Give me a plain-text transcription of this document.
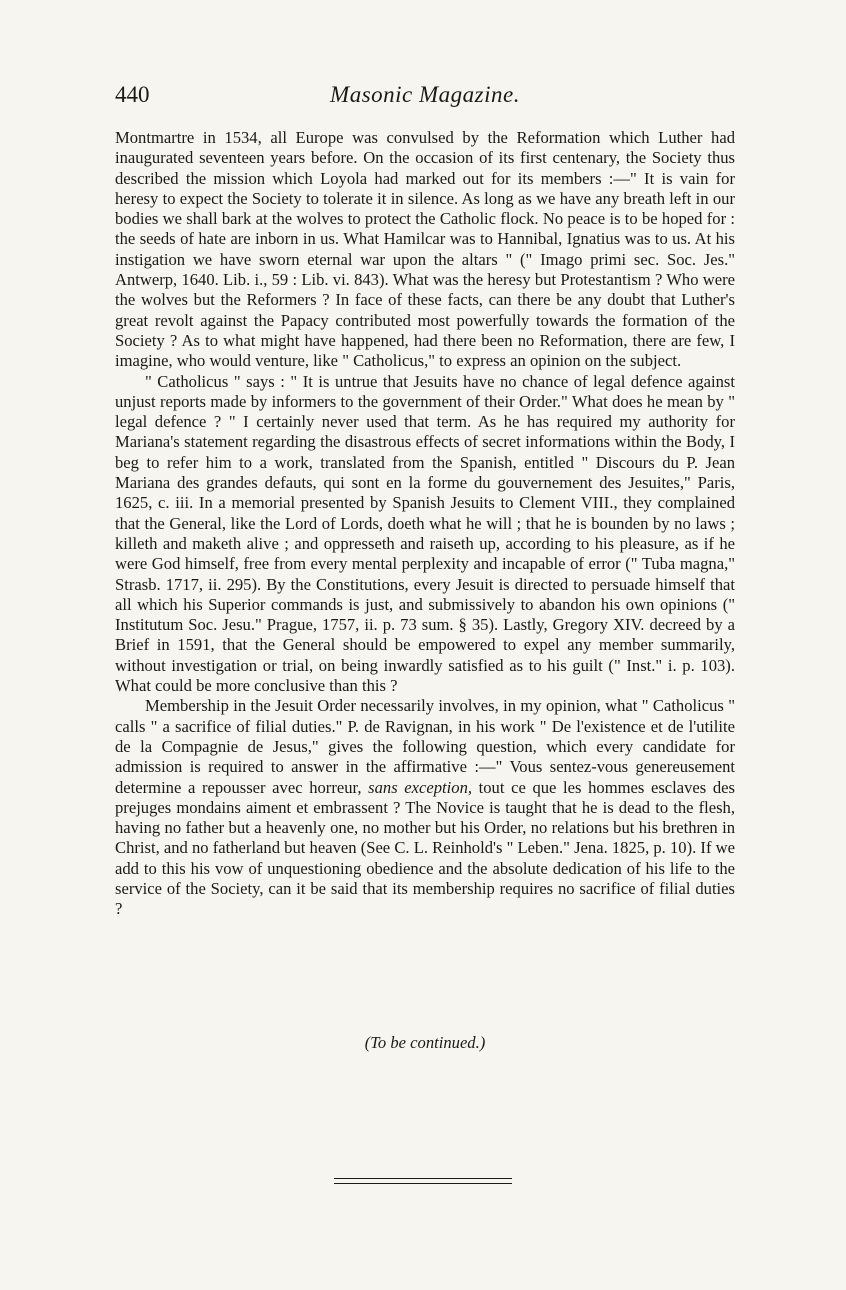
440	Masonic Magazine.

Montmartre in 1534, all Europe was convulsed by the Reformation which Luther had inaugurated seventeen years before. On the occasion of its first centenary, the Society thus described the mission which Loyola had marked out for its members :—" It is vain for heresy to expect the Society to tolerate it in silence. As long as we have any breath left in our bodies we shall bark at the wolves to protect the Catholic flock. No peace is to be hoped for : the seeds of hate are inborn in us. What Hamilcar was to Hannibal, Ignatius was to us. At his instigation we have sworn eternal war upon the altars " (" Imago primi sec. Soc. Jes." Antwerp, 1640. Lib. i., 59 : Lib. vi. 843). What was the heresy but Protestantism ? Who were the wolves but the Reformers ? In face of these facts, can there be any doubt that Luther's great revolt against the Papacy contributed most powerfully towards the formation of the Society ? As to what might have happened, had there been no Reformation, there are few, I imagine, who would venture, like " Catholicus," to express an opinion on the subject.

" Catholicus " says : " It is untrue that Jesuits have no chance of legal defence against unjust reports made by informers to the government of their Order." What does he mean by " legal defence ? " I certainly never used that term. As he has required my authority for Mariana's statement regarding the disastrous effects of secret informations within the Body, I beg to refer him to a work, translated from the Spanish, entitled " Discours du P. Jean Mariana des grandes defauts, qui sont en la forme du gouvernement des Jesuites," Paris, 1625, c. iii. In a memorial presented by Spanish Jesuits to Clement VIII., they complained that the General, like the Lord of Lords, doeth what he will ; that he is bounden by no laws ; killeth and maketh alive ; and oppresseth and raiseth up, according to his pleasure, as if he were God himself, free from every mental perplexity and incapable of error (" Tuba magna," Strasb. 1717, ii. 295). By the Constitutions, every Jesuit is directed to persuade himself that all which his Superior commands is just, and submissively to abandon his own opinions (" Institutum Soc. Jesu." Prague, 1757, ii. p. 73 sum. § 35). Lastly, Gregory XIV. decreed by a Brief in 1591, that the General should be empowered to expel any member summarily, without investigation or trial, on being inwardly satisfied as to his guilt (" Inst." i. p. 103). What could be more conclusive than this ?

Membership in the Jesuit Order necessarily involves, in my opinion, what " Catholicus " calls " a sacrifice of filial duties." P. de Ravignan, in his work " De l'existence et de l'utilite de la Compagnie de Jesus," gives the following question, which every candidate for admission is required to answer in the affirmative :—" Vous sentez-vous genereusement determine a repousser avec horreur, sans exception, tout ce que les hommes esclaves des prejuges mondains aiment et embrassent ? The Novice is taught that he is dead to the flesh, having no father but a heavenly one, no mother but his Order, no relations but his brethren in Christ, and no fatherland but heaven (See C. L. Reinhold's " Leben." Jena. 1825, p. 10). If we add to this his vow of unquestioning obedience and the absolute dedication of his life to the service of the Society, can it be said that its membership requires no sacrifice of filial duties ?

(To be continued.)
